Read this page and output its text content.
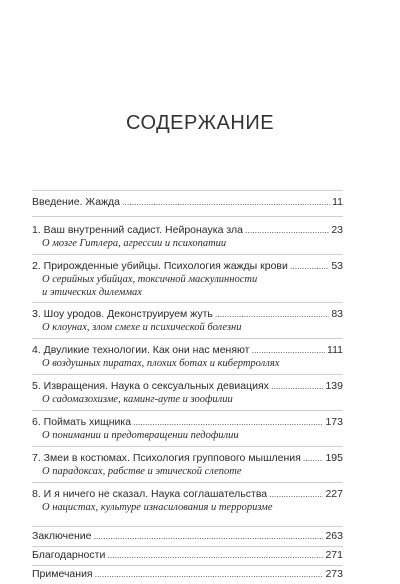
СОДЕРЖАНИЕ
Введение. Жажда . . .	11
1. Ваш внутренний садист. Нейронаука зла . . .	23
О мозге Гитлера, агрессии и психопатии
2. Прирожденные убийцы. Психология жажды крови . . .	53
О серийных убийцах, токсичной маскулинности
и этических дилеммах
3. Шоу уродов. Деконструируем жуть . . .	83
О клоунах, злом смехе и психической болезни
4. Двуликие технологии. Как они нас меняют . . .	111
О воздушных пиратах, плохих ботах и кибертроллях
5. Извращения. Наука о сексуальных девиациях . . .	139
О садомазохизме, каминг-ауте и зоофилии
6. Поймать хищника . . .	173
О понимании и предотвращении педофилии
7. Змеи в костюмах. Психология группового мышления . . . 195
О парадоксах, рабстве и этической слепоте
8. И я ничего не сказал. Наука соглашательства . . .	227
О нацистах, культуре изнасилования и терроризме
Заключение . . .	263
Благодарности . . .	271
Примечания . . .	273
